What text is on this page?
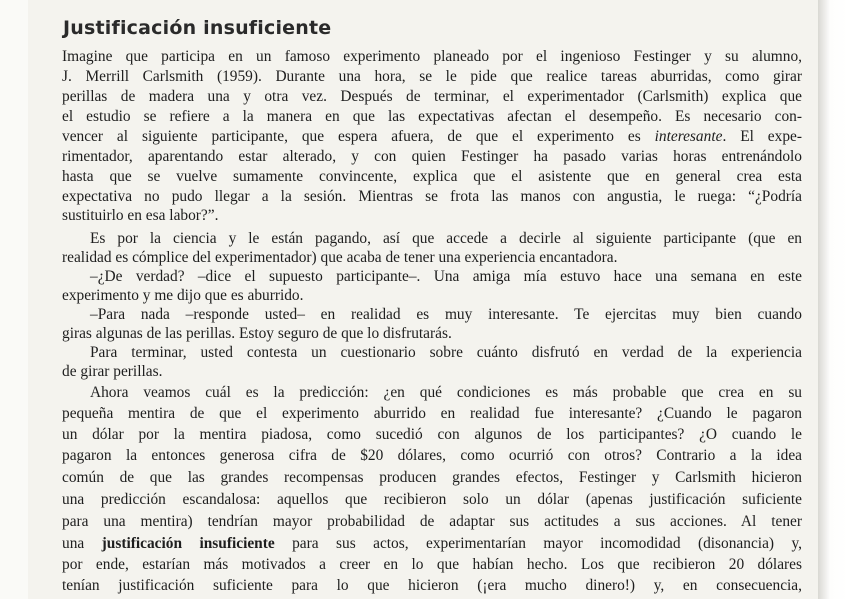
Justificación insuficiente
Imagine que participa en un famoso experimento planeado por el ingenioso Festinger y su alumno,
J. Merrill Carlsmith (1959). Durante una hora, se le pide que realice tareas aburridas, como girar
perillas de madera una y otra vez. Después de terminar, el experimentador (Carlsmith) explica que
el estudio se refiere a la manera en que las expectativas afectan el desempeño. Es necesario con-
vencer al siguiente participante, que espera afuera, de que el experimento es interesante. El expe-
rimentador, aparentando estar alterado, y con quien Festinger ha pasado varias horas entrenándolo
hasta que se vuelve sumamente convincente, explica que el asistente que en general crea esta
expectativa no pudo llegar a la sesión. Mientras se frota las manos con angustia, le ruega: “¿Podría
sustituirlo en esa labor?”.
Es por la ciencia y le están pagando, así que accede a decirle al siguiente participante (que en
realidad es cómplice del experimentador) que acaba de tener una experiencia encantadora.
–¿De verdad? –dice el supuesto participante–. Una amiga mía estuvo hace una semana en este
experimento y me dijo que es aburrido.
–Para nada –responde usted– en realidad es muy interesante. Te ejercitas muy bien cuando
giras algunas de las perillas. Estoy seguro de que lo disfrutarás.
Para terminar, usted contesta un cuestionario sobre cuánto disfrutó en verdad de la experiencia
de girar perillas.
Ahora veamos cuál es la predicción: ¿en qué condiciones es más probable que crea en su
pequeña mentira de que el experimento aburrido en realidad fue interesante? ¿Cuando le pagaron
un dólar por la mentira piadosa, como sucedió con algunos de los participantes? ¿O cuando le
pagaron la entonces generosa cifra de $20 dólares, como ocurrió con otros? Contrario a la idea
común de que las grandes recompensas producen grandes efectos, Festinger y Carlsmith hicieron
una predicción escandalosa: aquellos que recibieron solo un dólar (apenas justificación suficiente
para una mentira) tendrían mayor probabilidad de adaptar sus actitudes a sus acciones. Al tener
una justificación insuficiente para sus actos, experimentarían mayor incomodidad (disonancia) y,
por ende, estarían más motivados a creer en lo que habían hecho. Los que recibieron 20 dólares
tenían justificación suficiente para lo que hicieron (¡era mucho dinero!) y, en consecuencia,
